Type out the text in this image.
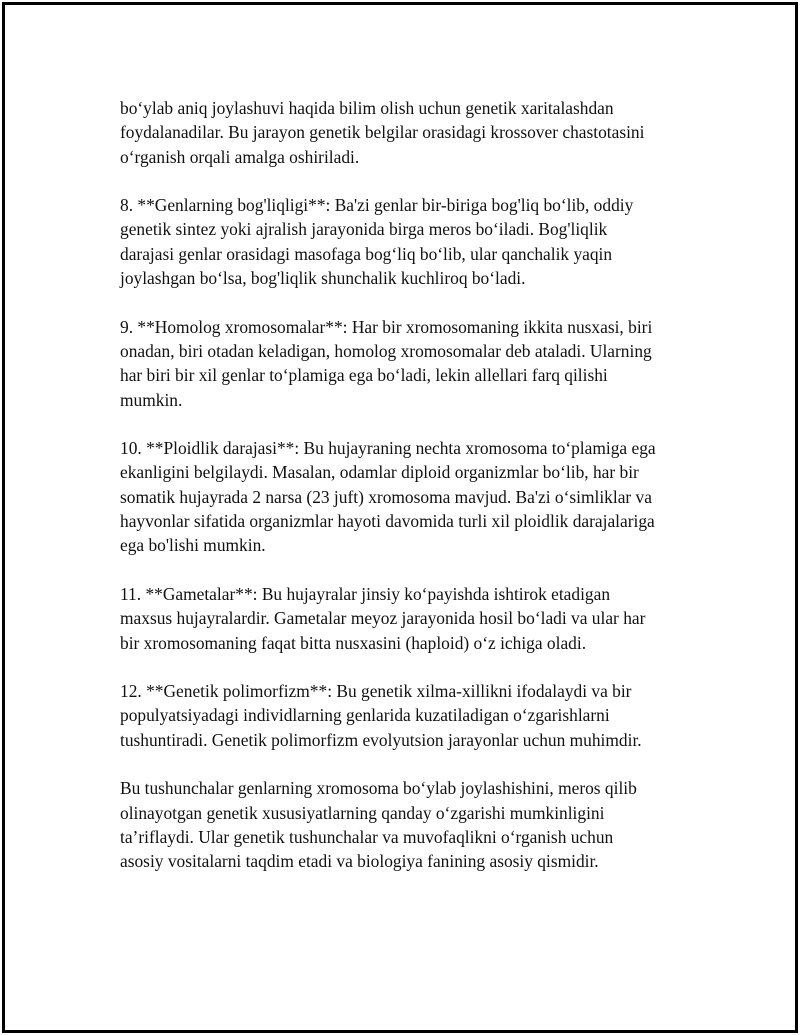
bo‘ylab aniq joylashuvi haqida bilim olish uchun genetik xaritalashdan
foydalanadilar. Bu jarayon genetik belgilar orasidagi krossover chastotasini
o‘rganish orqali amalga oshiriladi.

8. **Genlarning bog'liqligi**: Ba'zi genlar bir-biriga bog'liq bo‘lib, oddiy
genetik sintez yoki ajralish jarayonida birga meros bo‘iladi. Bog'liqlik
darajasi genlar orasidagi masofaga bog‘liq bo‘lib, ular qanchalik yaqin
joylashgan bo‘lsa, bog'liqlik shunchalik kuchliroq bo‘ladi.

9. **Homolog xromosomalar**: Har bir xromosomaning ikkita nusxasi, biri
onadan, biri otadan keladigan, homolog xromosomalar deb ataladi. Ularning
har biri bir xil genlar to‘plamiga ega bo‘ladi, lekin allellari farq qilishi
mumkin.

10. **Ploidlik darajasi**: Bu hujayraning nechta xromosoma to‘plamiga ega
ekanligini belgilaydi. Masalan, odamlar diploid organizmlar bo‘lib, har bir
somatik hujayrada 2 narsa (23 juft) xromosoma mavjud. Ba'zi o‘simliklar va
hayvonlar sifatida organizmlar hayoti davomida turli xil ploidlik darajalariga
ega bo'lishi mumkin.

11. **Gametalar**: Bu hujayralar jinsiy ko‘payishda ishtirok etadigan
maxsus hujayralardir. Gametalar meyoz jarayonida hosil bo‘ladi va ular har
bir xromosomaning faqat bitta nusxasini (haploid) o‘z ichiga oladi.

12. **Genetik polimorfizm**: Bu genetik xilma-xillikni ifodalaydi va bir
populyatsiyadagi individlarning genlarida kuzatiladigan o‘zgarishlarni
tushuntiradi. Genetik polimorfizm evolyutsion jarayonlar uchun muhimdir.

Bu tushunchalar genlarning xromosoma bo‘ylab joylashishini, meros qilib
olinayotgan genetik xususiyatlarning qanday o‘zgarishi mumkinligini
ta’riflaydi. Ular genetik tushunchalar va muvofaqlikni o‘rganish uchun
asosiy vositalarni taqdim etadi va biologiya fanining asosiy qismidir.
